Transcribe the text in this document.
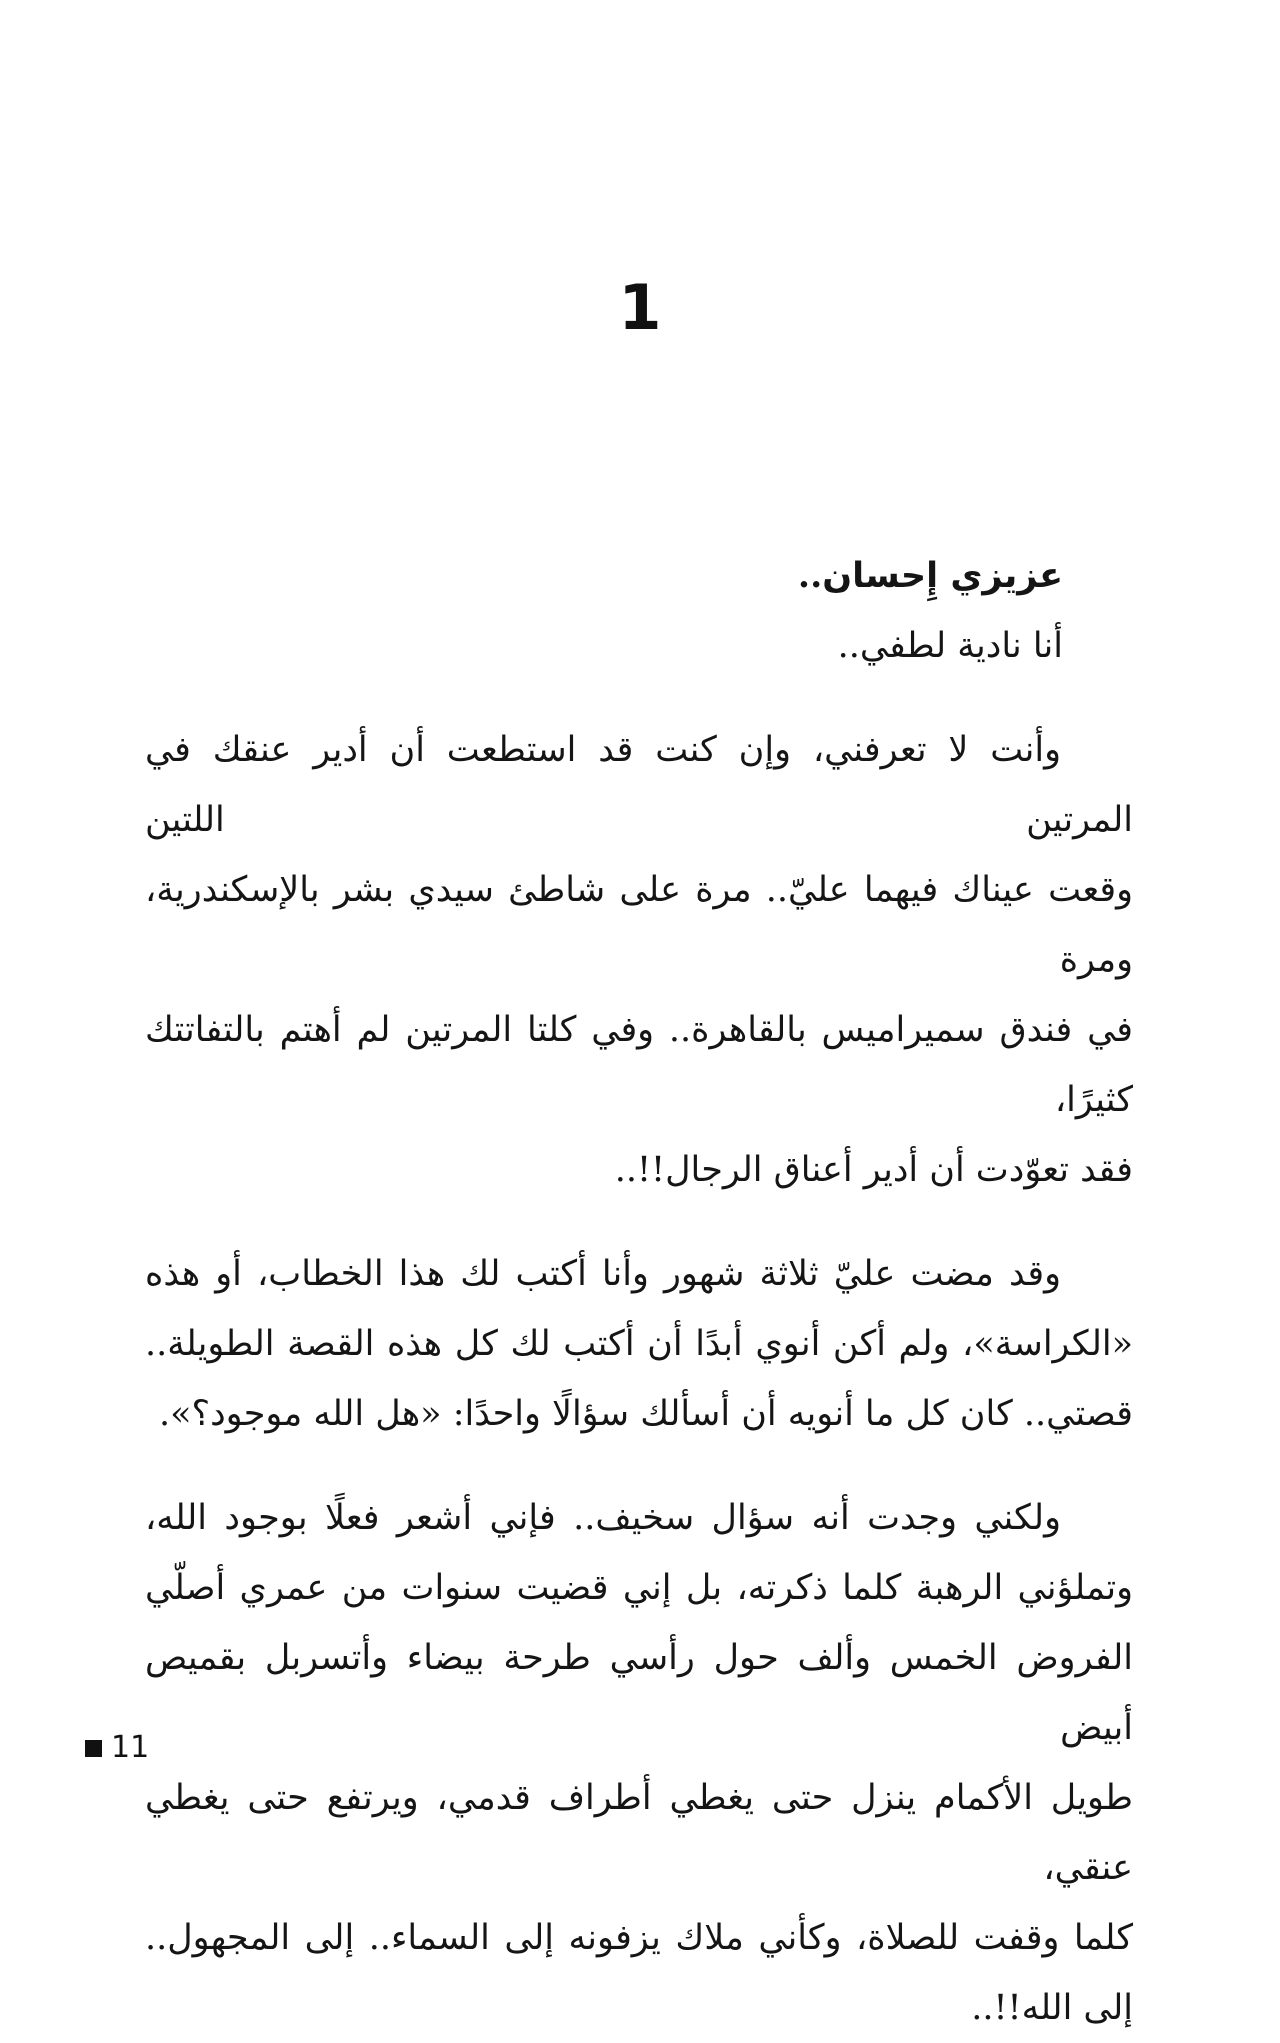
1
عزيزي إِحسان..
أنا نادية لطفي..
وأنت لا تعرفني، وإن كنت قد استطعت أن أدير عنقك في المرتين اللتين
وقعت عيناك فيهما عليّ.. مرة على شاطئ سيدي بشر بالإسكندرية، ومرة
في فندق سميراميس بالقاهرة.. وفي كلتا المرتين لم أهتم بالتفاتتك كثيرًا،
فقد تعوّدت أن أدير أعناق الرجال!!..
وقد مضت عليّ ثلاثة شهور وأنا أكتب لك هذا الخطاب، أو هذه
«الكراسة»، ولم أكن أنوي أبدًا أن أكتب لك كل هذه القصة الطويلة..
قصتي.. كان كل ما أنويه أن أسألك سؤالًا واحدًا: «هل الله موجود؟».
ولكني وجدت أنه سؤال سخيف.. فإني أشعر فعلًا بوجود الله،
وتملؤني الرهبة كلما ذكرته، بل إني قضيت سنوات من عمري أصلّي
الفروض الخمس وألف حول رأسي طرحة بيضاء وأتسربل بقميص أبيض
طويل الأكمام ينزل حتى يغطي أطراف قدمي، ويرتفع حتى يغطي عنقي،
كلما وقفت للصلاة، وكأني ملاك يزفونه إلى السماء.. إلى المجهول..
إلى الله!!..
11
